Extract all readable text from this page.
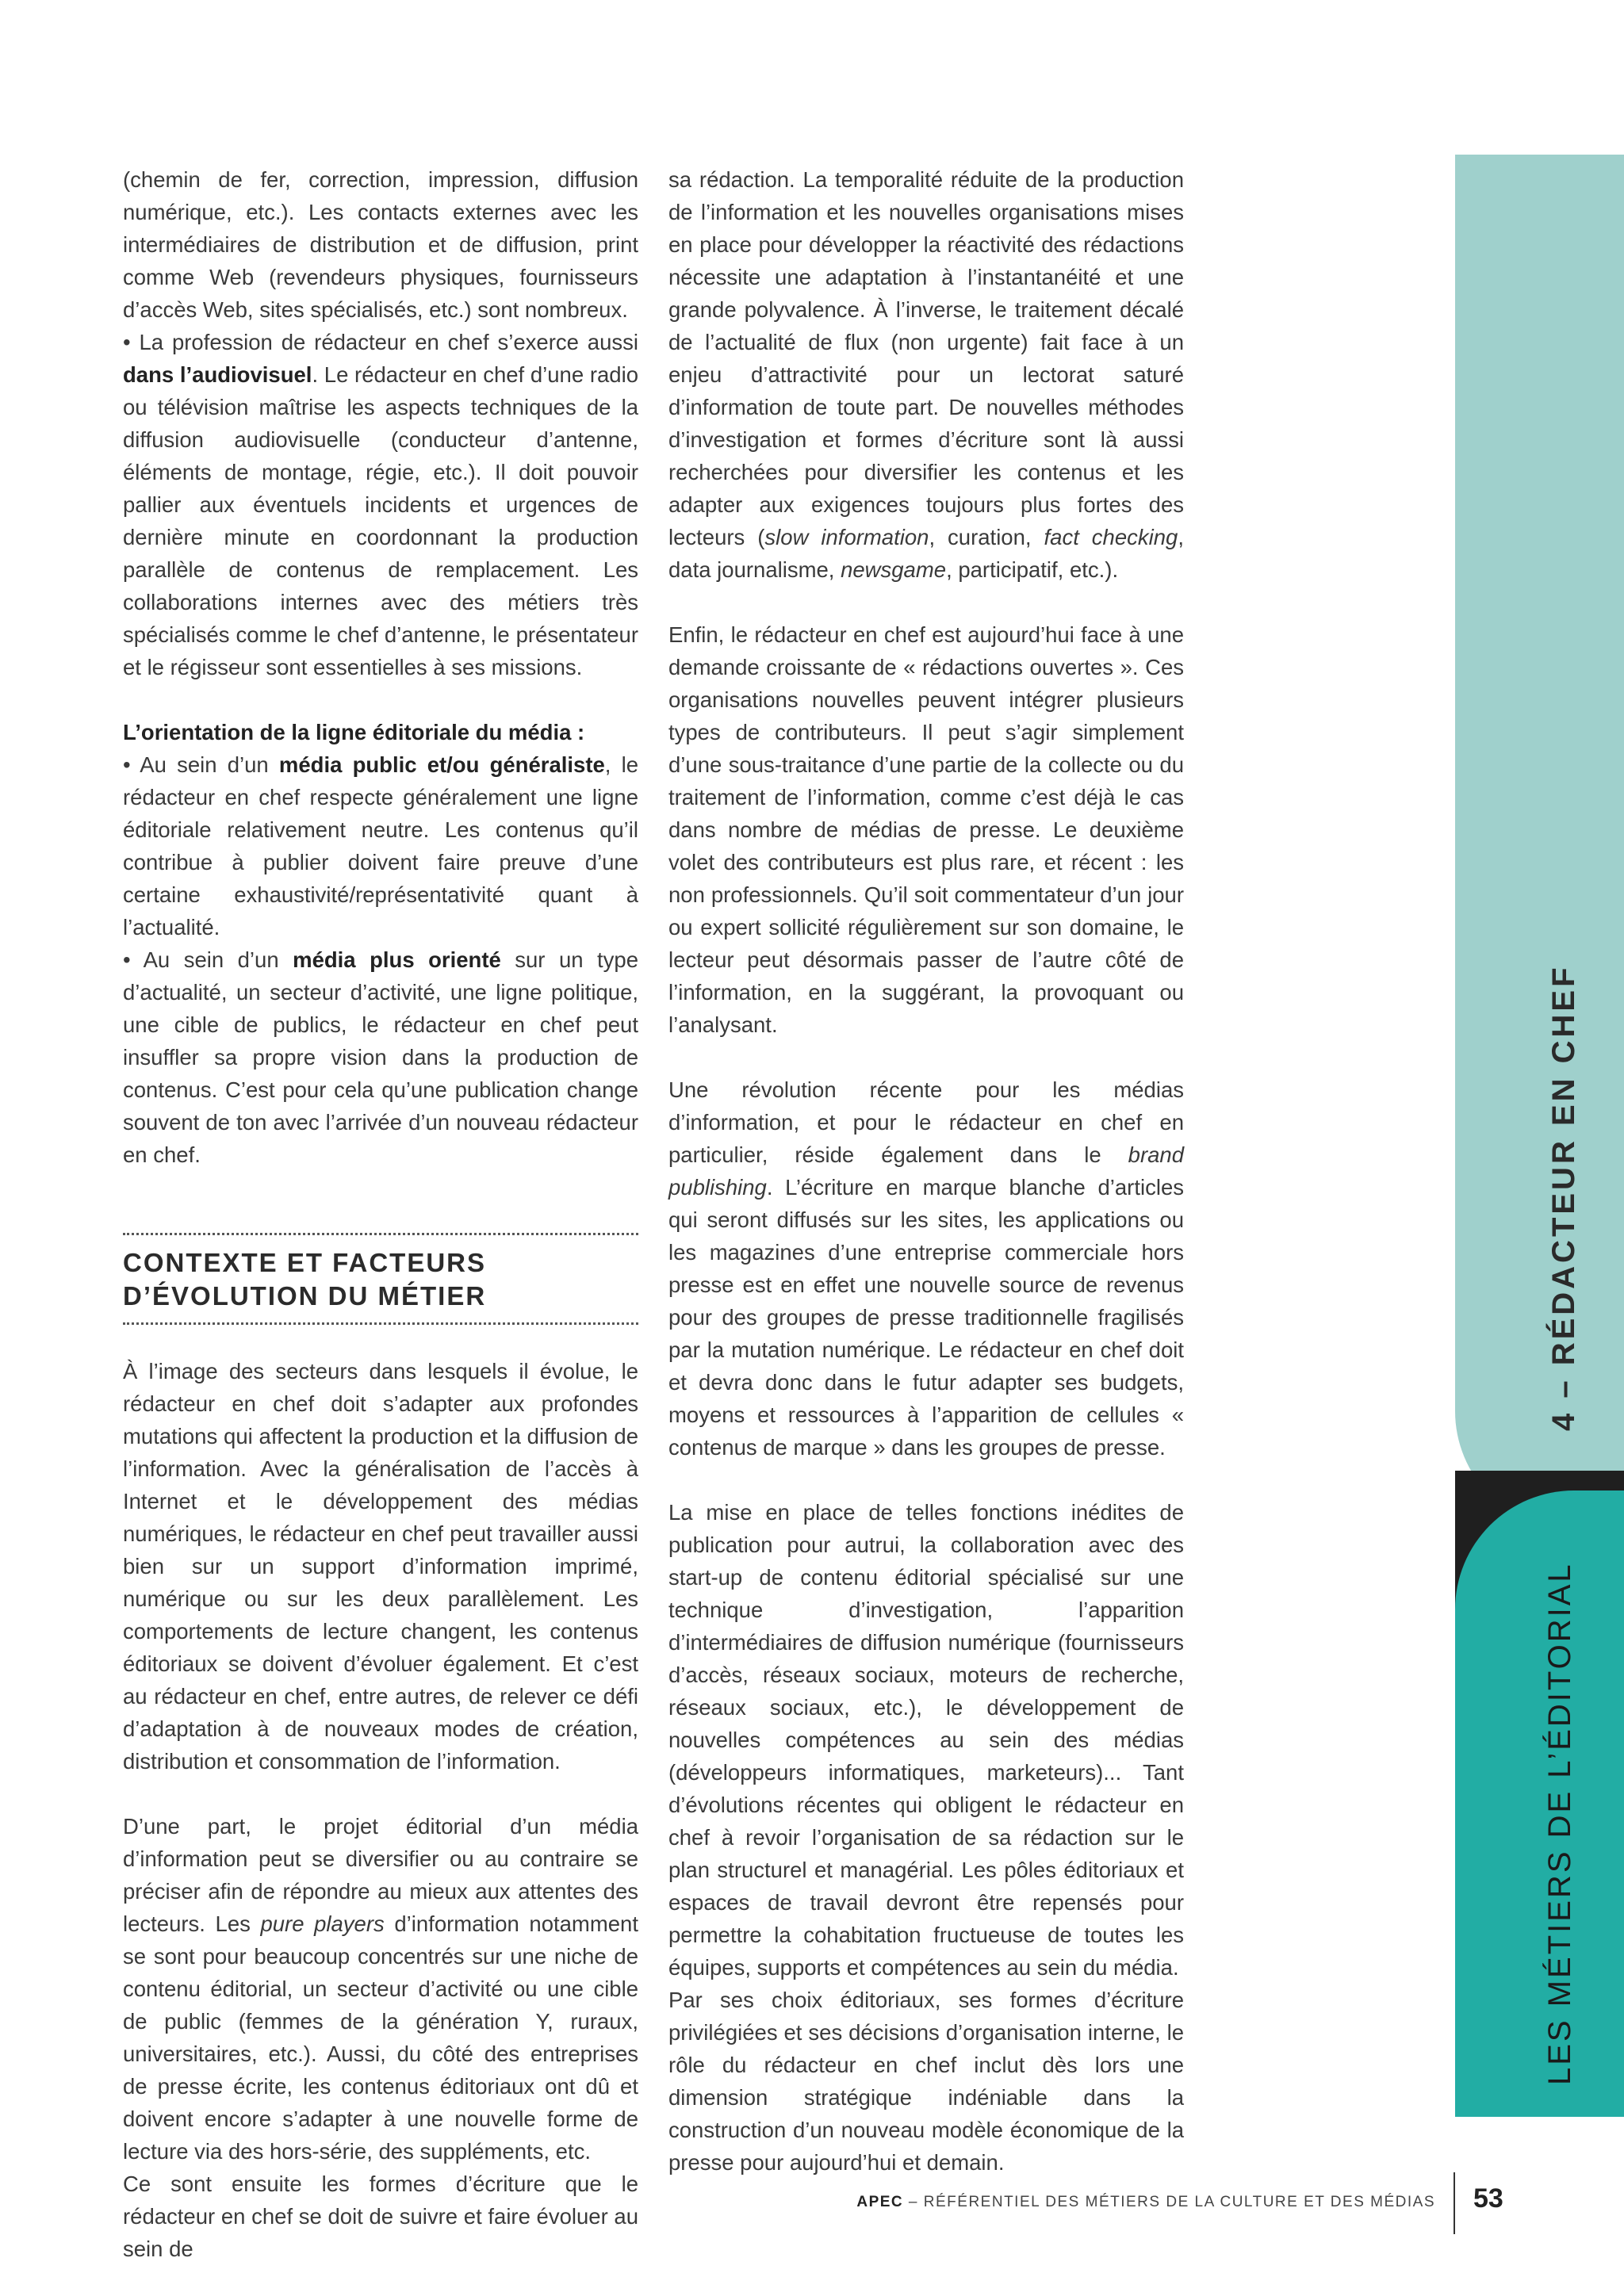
4 – RÉDACTEUR EN CHEF
LES MÉTIERS DE L’ÉDITORIAL

(chemin de fer, correction, impression, diffusion numérique, etc.). Les contacts externes avec les intermédiaires de distribution et de diffusion, print comme Web (revendeurs physiques, fournisseurs d’accès Web, sites spécialisés, etc.) sont nombreux.

• La profession de rédacteur en chef s’exerce aussi dans l’audiovisuel. Le rédacteur en chef d’une radio ou télévision maîtrise les aspects techniques de la diffusion audiovisuelle (conducteur d’antenne, éléments de montage, régie, etc.). Il doit pouvoir pallier aux éventuels incidents et urgences de dernière minute en coordonnant la production parallèle de contenus de remplacement. Les collaborations internes avec des métiers très spécialisés comme le chef d’antenne, le présentateur et le régisseur sont essentielles à ses missions.

L’orientation de la ligne éditoriale du média :

• Au sein d’un média public et/ou généraliste, le rédacteur en chef respecte généralement une ligne éditoriale relativement neutre. Les contenus qu’il contribue à publier doivent faire preuve d’une certaine exhaustivité/représentativité quant à l’actualité.

• Au sein d’un média plus orienté sur un type d’actualité, un secteur d’activité, une ligne politique, une cible de publics, le rédacteur en chef peut insuffler sa propre vision dans la production de contenus. C’est pour cela qu’une publication change souvent de ton avec l’arrivée d’un nouveau rédacteur en chef.

CONTEXTE ET FACTEURS D’ÉVOLUTION DU MÉTIER

À l’image des secteurs dans lesquels il évolue, le rédacteur en chef doit s’adapter aux profondes mutations qui affectent la production et la diffusion de l’information. Avec la généralisation de l’accès à Internet et le développement des médias numériques, le rédacteur en chef peut travailler aussi bien sur un support d’information imprimé, numérique ou sur les deux parallèlement. Les comportements de lecture changent, les contenus éditoriaux se doivent d’évoluer également. Et c’est au rédacteur en chef, entre autres, de relever ce défi d’adaptation à de nouveaux modes de création, distribution et consommation de l’information.

D’une part, le projet éditorial d’un média d’information peut se diversifier ou au contraire se préciser afin de répondre au mieux aux attentes des lecteurs. Les pure players d’information notamment se sont pour beaucoup concentrés sur une niche de contenu éditorial, un secteur d’activité ou une cible de public (femmes de la génération Y, ruraux, universitaires, etc.). Aussi, du côté des entreprises de presse écrite, les contenus éditoriaux ont dû et doivent encore s’adapter à une nouvelle forme de lecture via des hors-série, des suppléments, etc.

Ce sont ensuite les formes d’écriture que le rédacteur en chef se doit de suivre et faire évoluer au sein de

sa rédaction. La temporalité réduite de la production de l’information et les nouvelles organisations mises en place pour développer la réactivité des rédactions nécessite une adaptation à l’instantanéité et une grande polyvalence. À l’inverse, le traitement décalé de l’actualité de flux (non urgente) fait face à un enjeu d’attractivité pour un lectorat saturé d’information de toute part. De nouvelles méthodes d’investigation et formes d’écriture sont là aussi recherchées pour diversifier les contenus et les adapter aux exigences toujours plus fortes des lecteurs (slow information, curation, fact checking, data journalisme, newsgame, participatif, etc.).

Enfin, le rédacteur en chef est aujourd’hui face à une demande croissante de « rédactions ouvertes ». Ces organisations nouvelles peuvent intégrer plusieurs types de contributeurs. Il peut s’agir simplement d’une sous-traitance d’une partie de la collecte ou du traitement de l’information, comme c’est déjà le cas dans nombre de médias de presse. Le deuxième volet des contributeurs est plus rare, et récent : les non professionnels. Qu’il soit commentateur d’un jour ou expert sollicité régulièrement sur son domaine, le lecteur peut désormais passer de l’autre côté de l’information, en la suggérant, la provoquant ou l’analysant.

Une révolution récente pour les médias d’information, et pour le rédacteur en chef en particulier, réside également dans le brand publishing. L’écriture en marque blanche d’articles qui seront diffusés sur les sites, les applications ou les magazines d’une entreprise commerciale hors presse est en effet une nouvelle source de revenus pour des groupes de presse traditionnelle fragilisés par la mutation numérique. Le rédacteur en chef doit et devra donc dans le futur adapter ses budgets, moyens et ressources à l’apparition de cellules « contenus de marque » dans les groupes de presse.

La mise en place de telles fonctions inédites de publication pour autrui, la collaboration avec des start-up de contenu éditorial spécialisé sur une technique d’investigation, l’apparition d’intermédiaires de diffusion numérique (fournisseurs d’accès, réseaux sociaux, moteurs de recherche, réseaux sociaux, etc.), le développement de nouvelles compétences au sein des médias (développeurs informatiques, marketeurs)... Tant d’évolutions récentes qui obligent le rédacteur en chef à revoir l’organisation de sa rédaction sur le plan structurel et managérial. Les pôles éditoriaux et espaces de travail devront être repensés pour permettre la cohabitation fructueuse de toutes les équipes, supports et compétences au sein du média.

Par ses choix éditoriaux, ses formes d’écriture privilégiées et ses décisions d’organisation interne, le rôle du rédacteur en chef inclut dès lors une dimension stratégique indéniable dans la construction d’un nouveau modèle économique de la presse pour aujourd’hui et demain.

APEC – RÉFÉRENTIEL DES MÉTIERS DE LA CULTURE ET DES MÉDIAS 53
